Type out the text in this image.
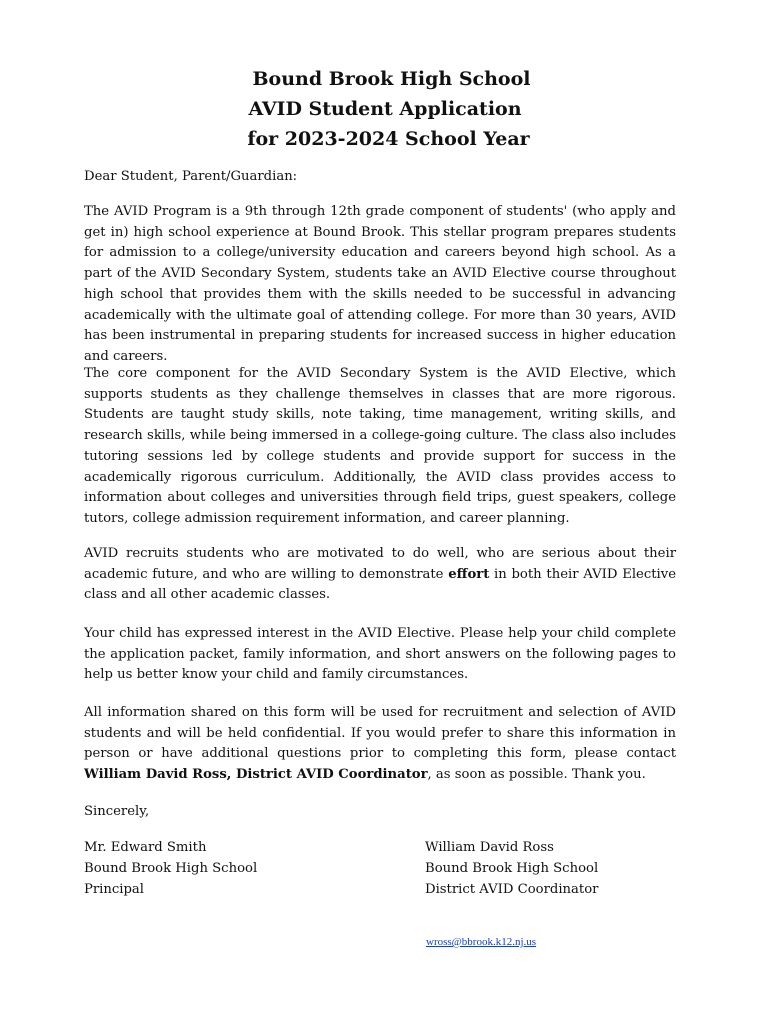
Bound Brook High School

AVID Student Application

for 2023-2024 School Year

Dear Student, Parent/Guardian:

The AVID Program is a 9th through 12th grade component of students' (who apply and get in) high school experience at Bound Brook. This stellar program prepares students for admission to a college/university education and careers beyond high school. As a part of the AVID Secondary System, students take an AVID Elective course throughout high school that provides them with the skills needed to be successful in advancing academically with the ultimate goal of attending college. For more than 30 years, AVID has been instrumental in preparing students for increased success in higher education and careers.

The core component for the AVID Secondary System is the AVID Elective, which supports students as they challenge themselves in classes that are more rigorous. Students are taught study skills, note taking, time management, writing skills, and research skills, while being immersed in a college-going culture. The class also includes tutoring sessions led by college students and provide support for success in the academically rigorous curriculum. Additionally, the AVID class provides access to information about colleges and universities through field trips, guest speakers, college tutors, college admission requirement information, and career planning.

AVID recruits students who are motivated to do well, who are serious about their academic future, and who are willing to demonstrate effort in both their AVID Elective class and all other academic classes.

Your child has expressed interest in the AVID Elective. Please help your child complete the application packet, family information, and short answers on the following pages to help us better know your child and family circumstances.

All information shared on this form will be used for recruitment and selection of AVID students and will be held confidential. If you would prefer to share this information in person or have additional questions prior to completing this form, please contact William David Ross, District AVID Coordinator, as soon as possible. Thank you.

Sincerely,

Mr. Edward Smith
Bound Brook High School
Principal
William David Ross
Bound Brook High School
District AVID Coordinator
wross@bbrook.k12.nj.us
